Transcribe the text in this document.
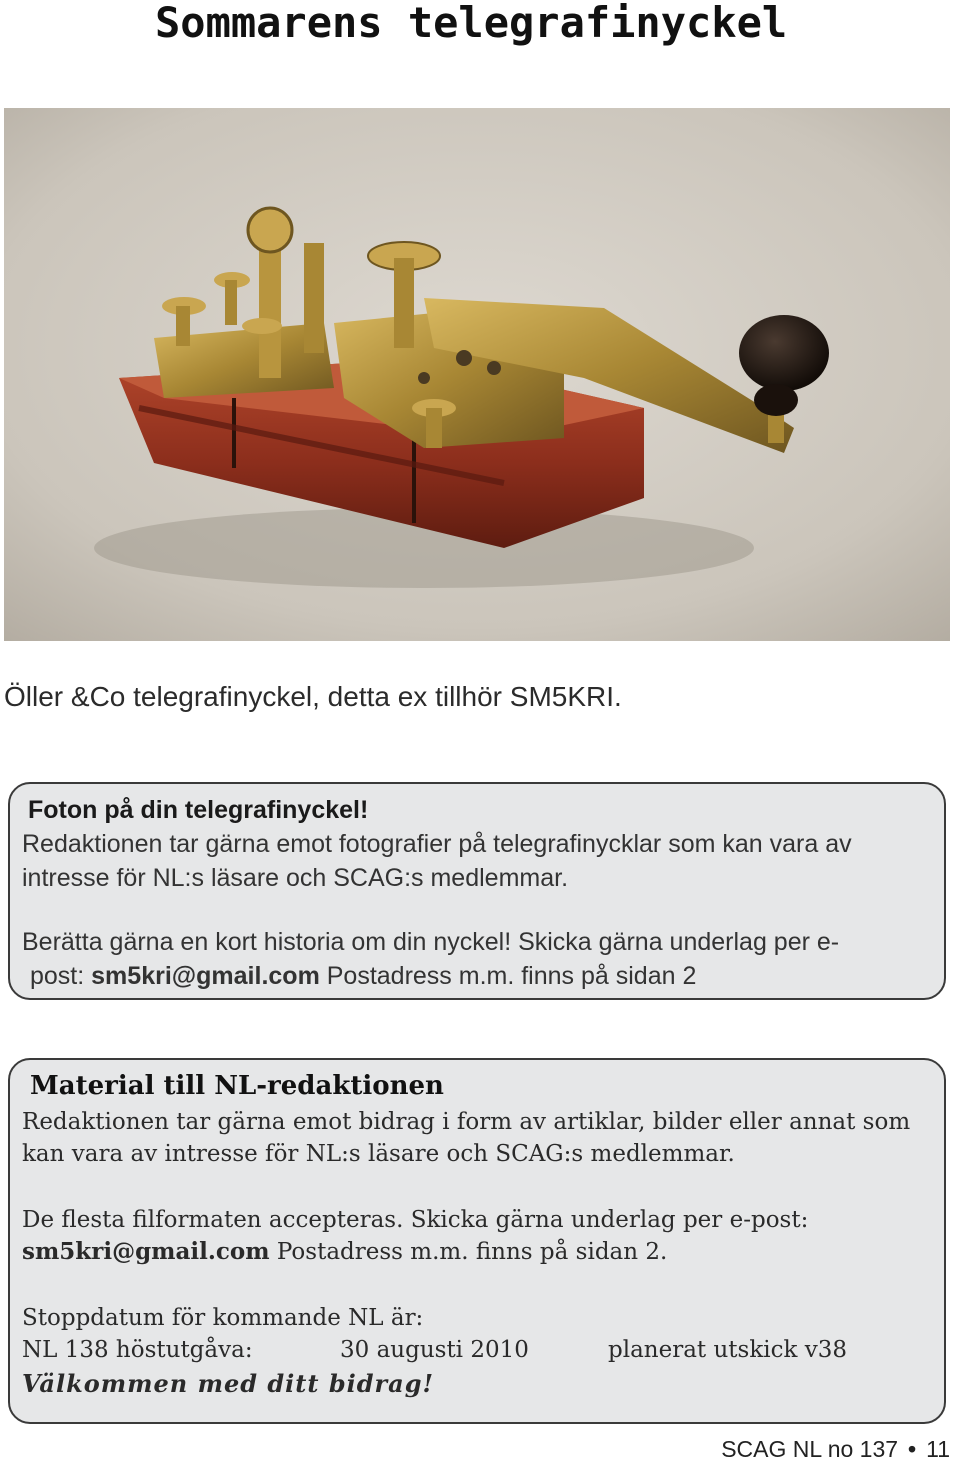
Sommarens telegrafinyckel
Öller &Co telegrafinyckel, detta ex tillhör SM5KRI.

Foton på din telegrafinyckel!

Redaktionen tar gärna emot fotografier på telegrafinycklar som kan vara av

intresse för NL:s läsare och SCAG:s medlemmar.

Berätta gärna en kort historia om din nyckel! Skicka gärna underlag per e-

post: sm5kri@gmail.com Postadress m.m. finns på sidan 2

Material till NL-redaktionen

Redaktionen tar gärna emot bidrag i form av artiklar, bilder eller annat som

kan vara av intresse för NL:s läsare och SCAG:s medlemmar.

De flesta filformaten accepteras. Skicka gärna underlag per e-post:

sm5kri@gmail.com Postadress m.m. finns på sidan 2.

Stoppdatum för kommande NL är:

NL 138 höstutgåva:	30 augusti 2010	planerat utskick v38

Välkommen med ditt bidrag!

SCAG NL no 137 • 11
